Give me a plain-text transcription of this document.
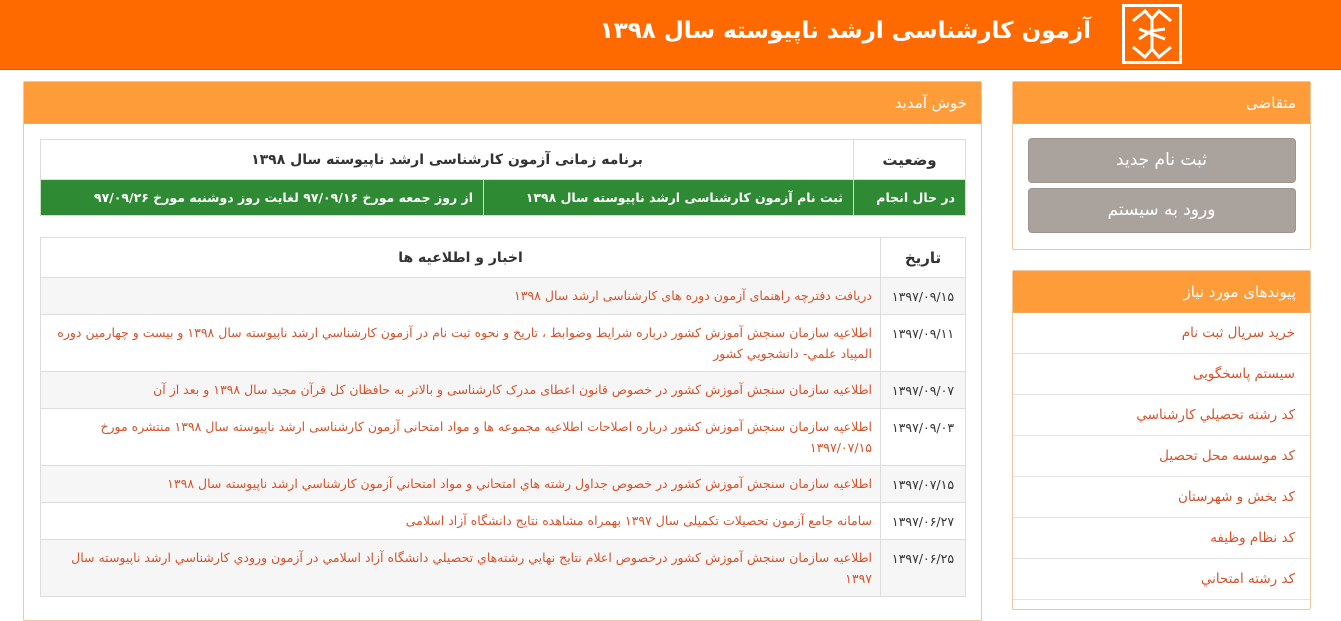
آزمون کارشناسی ارشد ناپیوسته سال ۱۳۹۸
خوش آمدید
وضعیت	برنامه زمانی آزمون کارشناسی ارشد ناپیوسته سال ۱۳۹۸	
در حال انجام	ثبت نام آزمون کارشناسی ارشد ناپیوسته سال ۱۳۹۸	از روز جمعه مورخ ۹۷/۰۹/۱۶ لغایت روز دوشنبه مورخ ۹۷/۰۹/۲۶
تاریخ	اخبار و اطلاعیه ها
۱۳۹۷/۰۹/۱۵	دریافت دفترچه راهنمای آزمون دوره های کارشناسی ارشد سال ۱۳۹۸
۱۳۹۷/۰۹/۱۱	اطلاعیه سازمان سنجش آموزش کشور درباره شرایط وضوابط ، تاریخ و نحوه ثبت نام در آزمون کارشناسي ارشد ناپيوسته سال ۱۳۹۸ و بيست و چهارمين دوره المپياد علمي- دانشجويي كشور
۱۳۹۷/۰۹/۰۷	اطلاعیه سازمان سنجش آموزش کشور در خصوص قانون اعطای مدرک کارشناسی و بالاتر به حافظان کل قرآن مجید سال ۱۳۹۸ و بعد از آن
۱۳۹۷/۰۹/۰۳	اطلاعیه سازمان سنجش آموزش کشور درباره اصلاحات اطلاعیه مجموعه ها و مواد امتحانی آزمون کارشناسی ارشد ناپیوسته سال ۱۳۹۸ منتشره مورخ ۱۳۹۷/۰۷/۱۵
۱۳۹۷/۰۷/۱۵	اطلاعيه سازمان سنجش آموزش كشور در خصوص جداول رشته هاي امتحاني و مواد امتحاني آزمون كارشناسي ارشد ناپيوسته سال ۱۳۹۸
۱۳۹۷/۰۶/۲۷	سامانه جامع آزمون تحصیلات تکمیلی سال ۱۳۹۷ بهمراه مشاهده نتایج دانشگاه آزاد اسلامی
۱۳۹۷/۰۶/۲۵	اطلاعیه سازمان سنجش آموزش كشور درخصوص اعلام نتايج نهايي رشته‌هاي تحصيلي دانشگاه آزاد اسلامي در آزمون ورودي كارشناسي ارشد ناپيوسته سال ۱۳۹۷
متقاضی
ثبت نام جدید
ورود به سیستم
پیوندهای مورد نیاز
خرید سریال ثبت نام
سیستم پاسخگویی
کد رشته تحصيلي کارشناسي
کد موسسه محل تحصیل
کد بخش و شهرستان
کد نظام وظیفه
کد رشته امتحاني
